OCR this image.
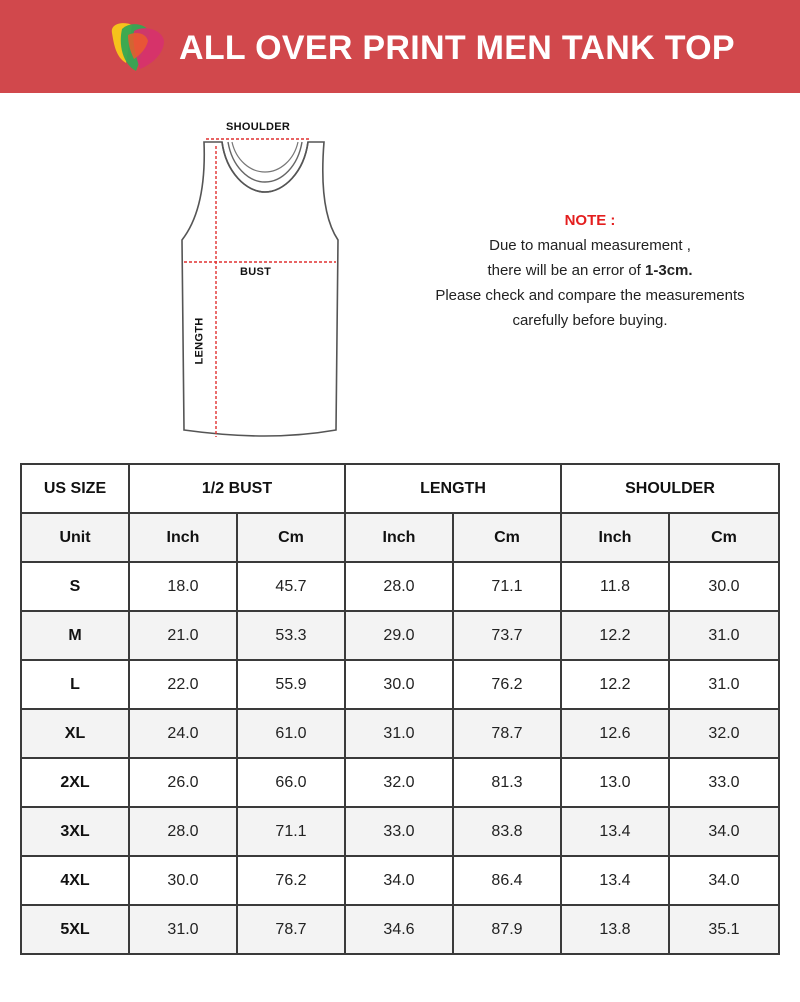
ALL OVER PRINT MEN TANK TOP
SHOULDER
BUST
LENGTH
NOTE :
Due to manual measurement ,
there will be an error of 1-3cm.
Please check and compare the measurements
carefully before buying.
US SIZE	1/2 BUST		LENGTH		SHOULDER	
Unit	Inch	Cm	Inch	Cm	Inch	Cm
S	18.0	45.7	28.0	71.1	11.8	30.0
M	21.0	53.3	29.0	73.7	12.2	31.0
L	22.0	55.9	30.0	76.2	12.2	31.0
XL	24.0	61.0	31.0	78.7	12.6	32.0
2XL	26.0	66.0	32.0	81.3	13.0	33.0
3XL	28.0	71.1	33.0	83.8	13.4	34.0
4XL	30.0	76.2	34.0	86.4	13.4	34.0
5XL	31.0	78.7	34.6	87.9	13.8	35.1
